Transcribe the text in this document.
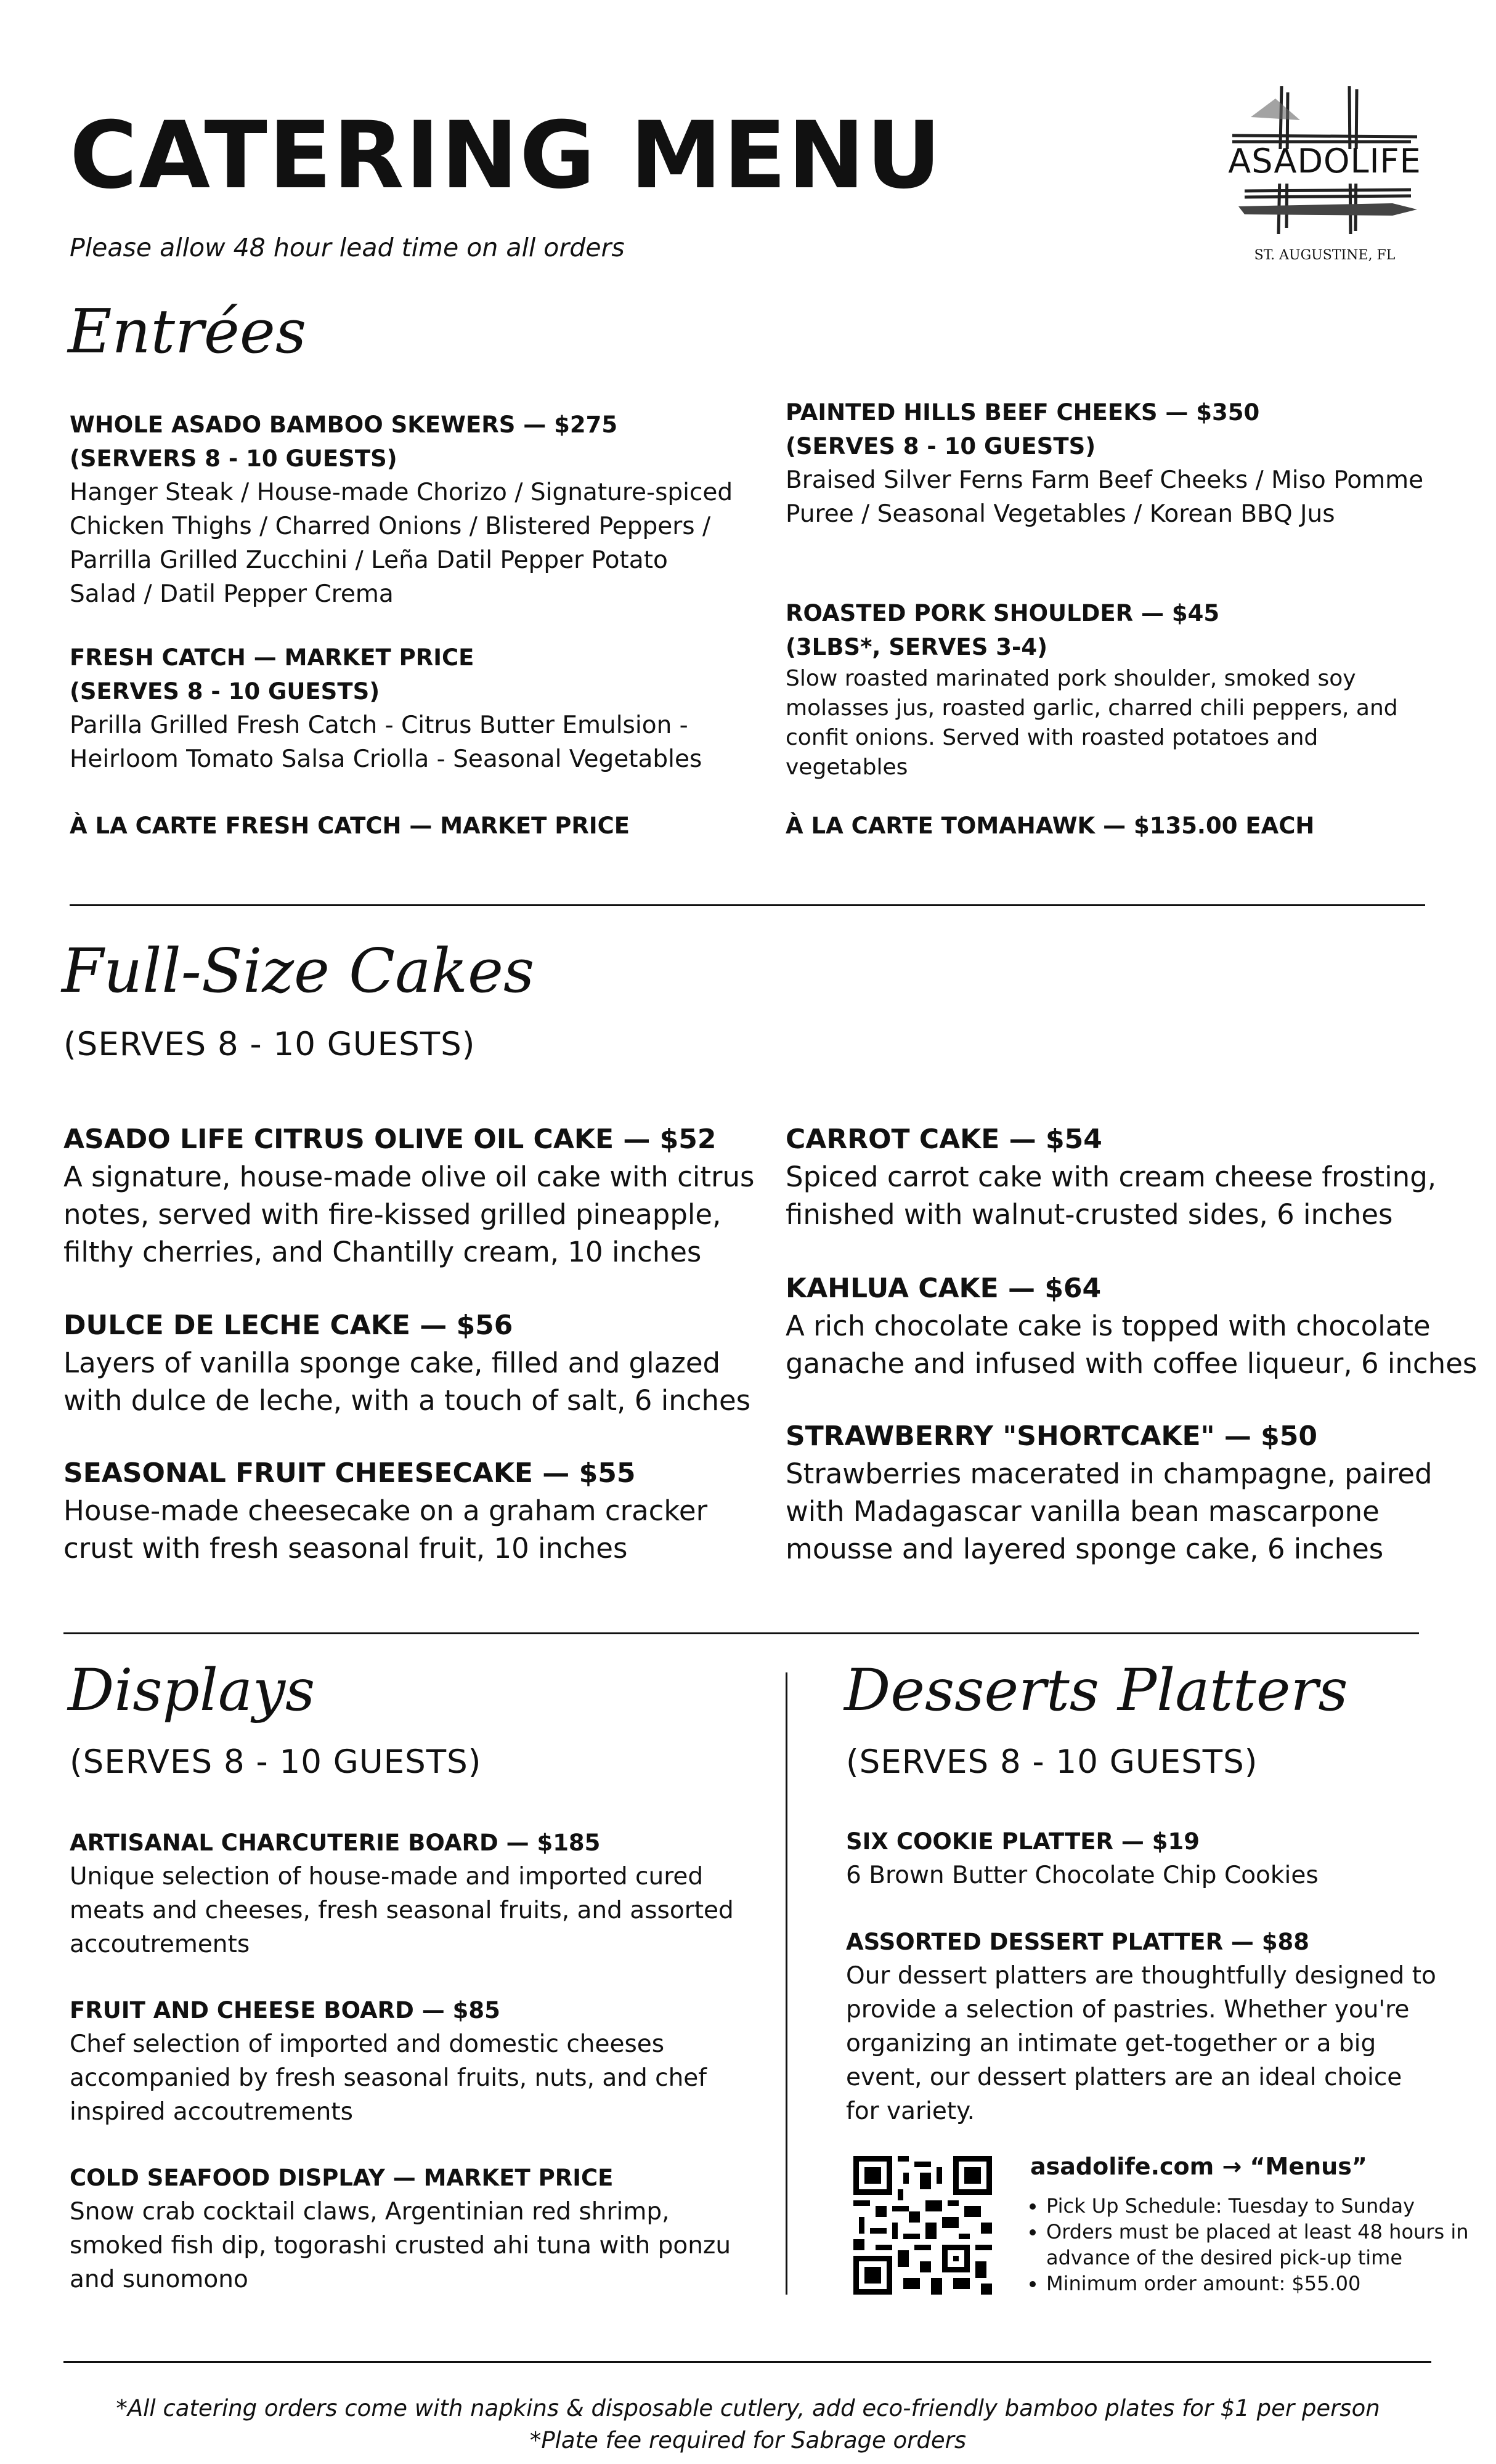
CATERING MENU
Please allow 48 hour lead time on all orders
ASADOLIFE
ST. AUGUSTINE, FL
Entrées
WHOLE ASADO BAMBOO SKEWERS — $275
(SERVERS 8 - 10 GUESTS)
Hanger Steak / House-made Chorizo / Signature-spiced Chicken Thighs / Charred Onions / Blistered Peppers / Parrilla Grilled Zucchini / Leña Datil Pepper Potato Salad / Datil Pepper Crema
FRESH CATCH — MARKET PRICE
(SERVES 8 - 10 GUESTS)
Parilla Grilled Fresh Catch - Citrus Butter Emulsion - Heirloom Tomato Salsa Criolla - Seasonal Vegetables
À LA CARTE FRESH CATCH — MARKET PRICE
PAINTED HILLS BEEF CHEEKS — $350
(SERVES 8 - 10 GUESTS)
Braised Silver Ferns Farm Beef Cheeks / Miso Pomme Puree / Seasonal Vegetables / Korean BBQ Jus
ROASTED PORK SHOULDER — $45
(3LBS*, SERVES 3-4)
Slow roasted marinated pork shoulder, smoked soy molasses jus, roasted garlic, charred chili peppers, and confit onions. Served with roasted potatoes and vegetables
À LA CARTE TOMAHAWK — $135.00 EACH
Full-Size Cakes
(SERVES 8 - 10 GUESTS)
ASADO LIFE CITRUS OLIVE OIL CAKE — $52
A signature, house-made olive oil cake with citrus notes, served with fire-kissed grilled pineapple, filthy cherries, and Chantilly cream, 10 inches
DULCE DE LECHE CAKE — $56
Layers of vanilla sponge cake, filled and glazed with dulce de leche, with a touch of salt, 6 inches
SEASONAL FRUIT CHEESECAKE — $55
House-made cheesecake on a graham cracker crust with fresh seasonal fruit, 10 inches
CARROT CAKE — $54
Spiced carrot cake with cream cheese frosting, finished with walnut-crusted sides, 6 inches
KAHLUA CAKE — $64
A rich chocolate cake is topped with chocolate ganache and infused with coffee liqueur, 6 inches
STRAWBERRY "SHORTCAKE" — $50
Strawberries macerated in champagne, paired with Madagascar vanilla bean mascarpone mousse and layered sponge cake, 6 inches
Displays
(SERVES 8 - 10 GUESTS)
ARTISANAL CHARCUTERIE BOARD — $185
Unique selection of house-made and imported cured meats and cheeses, fresh seasonal fruits, and assorted accoutrements
FRUIT AND CHEESE BOARD — $85
Chef selection of imported and domestic cheeses accompanied by fresh seasonal fruits, nuts, and chef inspired accoutrements
COLD SEAFOOD DISPLAY — MARKET PRICE
Snow crab cocktail claws, Argentinian red shrimp, smoked fish dip, togorashi crusted ahi tuna with ponzu and sunomono
Desserts Platters
(SERVES 8 - 10 GUESTS)
SIX COOKIE PLATTER — $19
6 Brown Butter Chocolate Chip Cookies
ASSORTED DESSERT PLATTER — $88
Our dessert platters are thoughtfully designed to provide a selection of pastries. Whether you're organizing an intimate get-together or a big event, our dessert platters are an ideal choice for variety.
asadolife.com → “Menus”
• Pick Up Schedule: Tuesday to Sunday
• Orders must be placed at least 48 hours in advance of the desired pick-up time
• Minimum order amount: $55.00
*All catering orders come with napkins & disposable cutlery, add eco-friendly bamboo plates for $1 per person
*Plate fee required for Sabrage orders
